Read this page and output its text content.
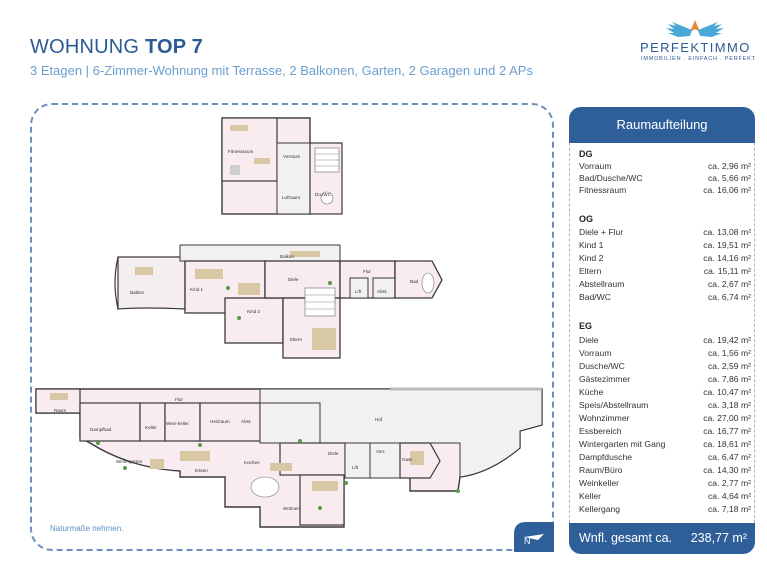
WOHNUNG TOP 7
3 Etagen | 6-Zimmer-Wohnung mit Terrasse, 2 Balkonen, Garten, 2 Garagen und 2 APs
PERFEKTIMMO
IMMOBILIEN . EINFACH . PERFEKT
Fitnessraum
Vorraum
Luftraum
Du./WC
Balkon
Balkon
Kind 1
Kind 2
Diele
Flur
Lift	Abst.
Bad
Eltern
Raum
Flur
Dampfbad	Keller
Wein-keller	Heizraum Abst.	Hof
Wintergarten
Essen
Kochen
Diele	Vorr.
Lift
Gast.
Wohnen
Naturmaße nehmen.
N
Raumaufteilung
DG
Vorraum	ca. 2,96 m²
Bad/Dusche/WC	ca. 5,66 m²
Fitnessraum	ca. 16,06 m²
OG
Diele + Flur	ca. 13,08 m²
Kind 1	ca. 19,51 m²
Kind 2	ca. 14,16 m²
Eltern	ca. 15,11 m²
Abstellraum	ca. 2,67 m²
Bad/WC	ca. 6,74 m²
EG
Diele	ca. 19,42 m²
Vorraum	ca. 1,56 m²
Dusche/WC	ca. 2,59 m²
Gästezimmer	ca. 7,86 m²
Küche	ca. 10,47 m²
Speis/Abstellraum	ca. 3,18 m²
Wohnzimmer	ca. 27,00 m²
Essbereich	ca. 16,77 m²
Wintergarten mit Gang	ca. 18,61 m²
Dampfdusche	ca. 6,47 m²
Raum/Büro	ca. 14,30 m²
Weinkeller	ca. 2,77 m²
Keller	ca. 4,64 m²
Kellergang	ca. 7,18 m²
Wnfl. gesamt ca. 238,77 m²
